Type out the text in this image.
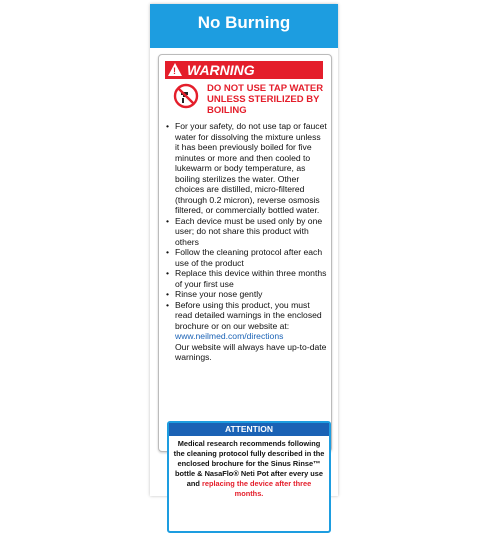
No Burning
! WARNING
DO NOT USE TAP WATER
UNLESS STERILIZED BY
BOILING
• For your safety, do not use tap or faucet water for dissolving the mixture unless it has been previously boiled for five minutes or more and then cooled to lukewarm or body temperature, as boiling sterilizes the water. Other choices are distilled, micro-filtered (through 0.2 micron), reverse osmosis filtered, or commercially bottled water.
• Each device must be used only by one user; do not share this product with others
• Follow the cleaning protocol after each use of the product
• Replace this device within three months of your first use
• Rinse your nose gently
• Before using this product, you must read detailed warnings in the enclosed brochure or on our website at:
www.neilmed.com/directions
Our website will always have up-to-date warnings.
ATTENTION
Medical research recommends following the cleaning protocol fully described in the enclosed brochure for the Sinus Rinse™ bottle & NasaFlo® Neti Pot after every use and replacing the device after three months.
